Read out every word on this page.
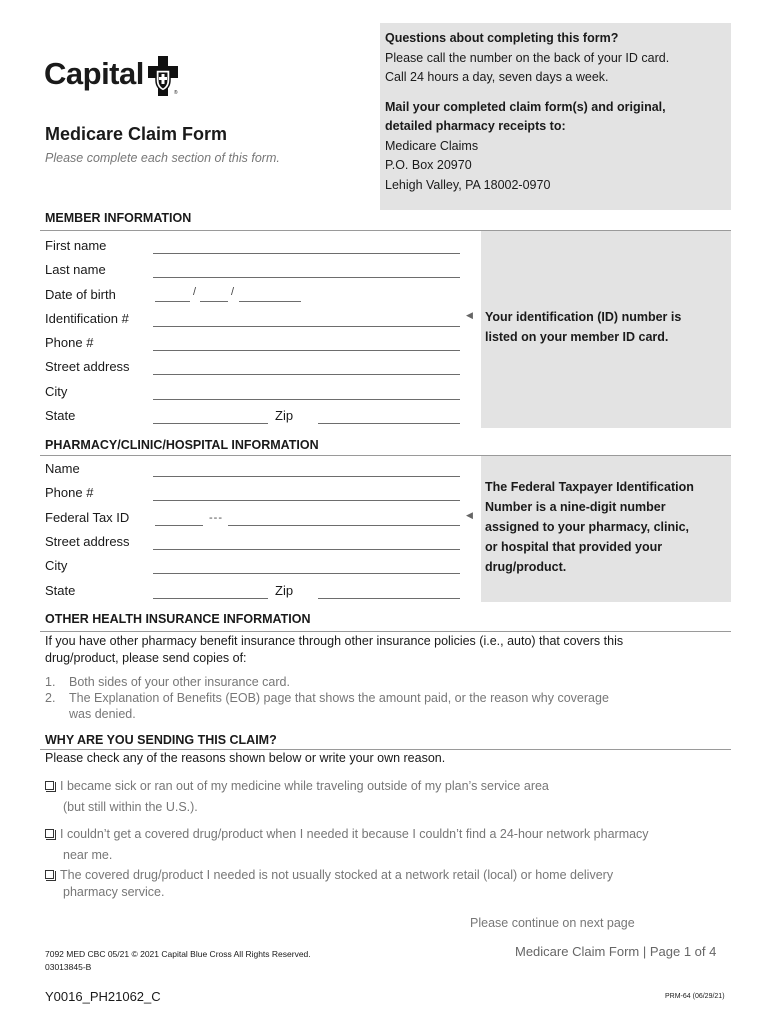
Capital
®
Medicare Claim Form
Please complete each section of this form.
Questions about completing this form?
Please call the number on the back of your ID card.
Call 24 hours a day, seven days a week.
Mail your completed claim form(s) and original,
detailed pharmacy receipts to:
Medicare Claims
P.O. Box 20970
Lehigh Valley, PA 18002-0970
MEMBER INFORMATION
◀ Your identification (ID) number is
listed on your member ID card.
First name
Last name
Date of birth	/	/
Identification #
Phone #
Street address
City
State	Zip
PHARMACY/CLINIC/HOSPITAL INFORMATION
◀
The Federal Taxpayer Identification
Number is a nine-digit number
assigned to your pharmacy, clinic,
or hospital that provided your
drug/product.
Name
Phone #
Federal Tax ID	---
Street address
City
State	Zip
OTHER HEALTH INSURANCE INFORMATION
If you have other pharmacy benefit insurance through other insurance policies (i.e., auto) that covers this
drug/product, please send copies of:
1.	Both sides of your other insurance card.
2.	The Explanation of Benefits (EOB) page that shows the amount paid, or the reason why coverage
was denied.
WHY ARE YOU SENDING THIS CLAIM?
Please check any of the reasons shown below or write your own reason.
I became sick or ran out of my medicine while traveling outside of my plan’s service area
(but still within the U.S.).
I couldn’t get a covered drug/product when I needed it because I couldn’t find a 24-hour network pharmacy
near me.
The covered drug/product I needed is not usually stocked at a network retail (local) or home delivery
pharmacy service.
Please continue on next page
7092 MED CBC 05/21 © 2021 Capital Blue Cross All Rights Reserved.
03013845-B
Medicare Claim Form | Page 1 of 4
Y0016_PH21062_C	PRM-64 (06/29/21)
